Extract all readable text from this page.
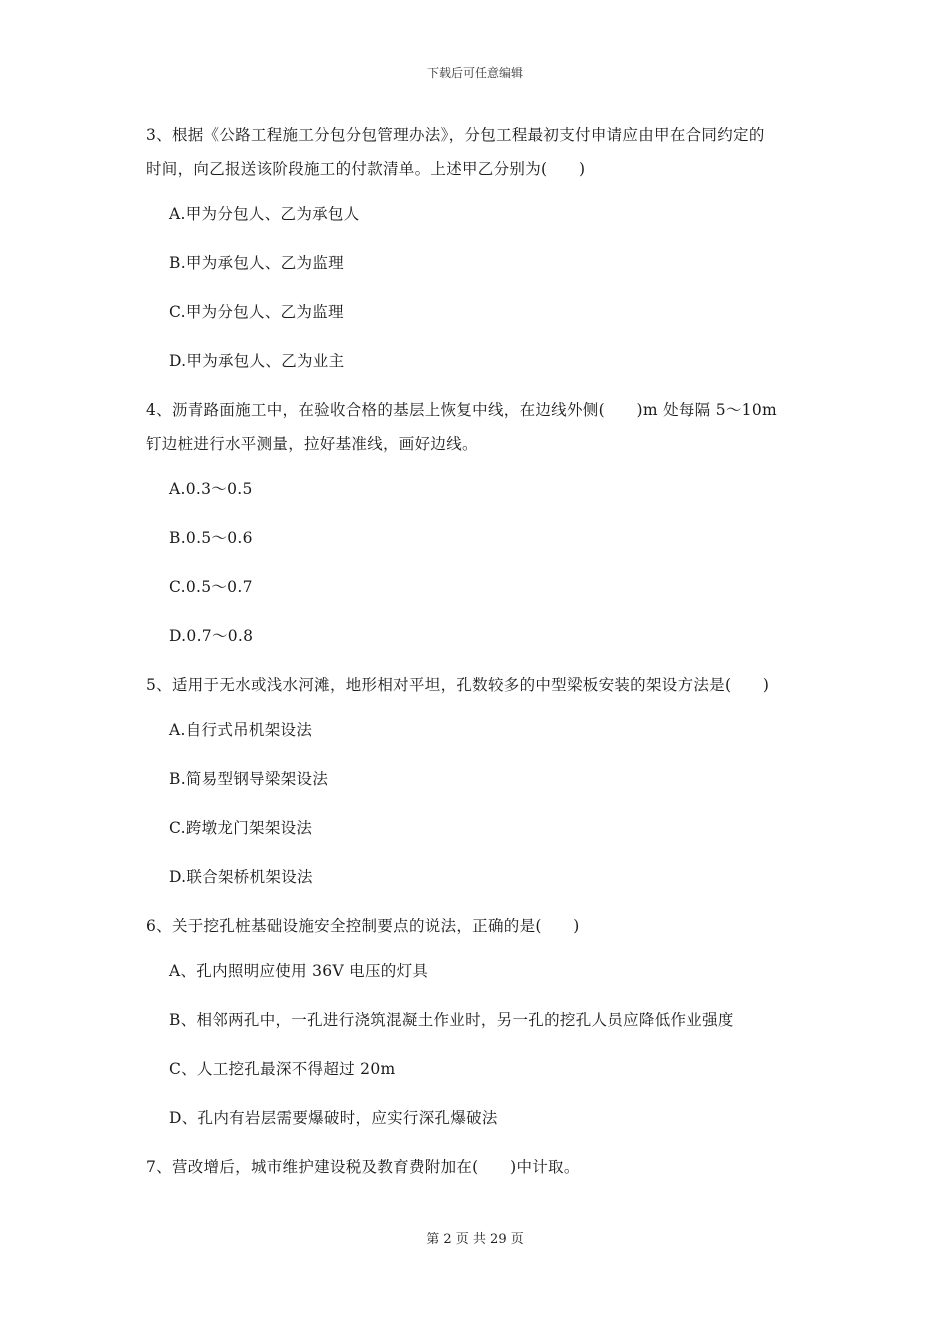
下载后可任意编辑
3、根据《公路工程施工分包分包管理办法》，分包工程最初支付申请应由甲在合同约定的
时间，向乙报送该阶段施工的付款清单。上述甲乙分别为(　　)
A.甲为分包人、乙为承包人
B.甲为承包人、乙为监理
C.甲为分包人、乙为监理
D.甲为承包人、乙为业主
4、沥青路面施工中，在验收合格的基层上恢复中线，在边线外侧(　　)m 处每隔 5～10m
钉边桩进行水平测量，拉好基准线，画好边线。
A.0.3～0.5
B.0.5～0.6
C.0.5～0.7
D.0.7～0.8
5、适用于无水或浅水河滩，地形相对平坦，孔数较多的中型梁板安装的架设方法是(　　)
A.自行式吊机架设法
B.简易型钢导梁架设法
C.跨墩龙门架架设法
D.联合架桥机架设法
6、关于挖孔桩基础设施安全控制要点的说法，正确的是(　　)
A、孔内照明应使用 36V 电压的灯具
B、相邻两孔中，一孔进行浇筑混凝土作业时，另一孔的挖孔人员应降低作业强度
C、人工挖孔最深不得超过 20m
D、孔内有岩层需要爆破时，应实行深孔爆破法
7、营改增后，城市维护建设税及教育费附加在(　　)中计取。
第 2 页 共 29 页
